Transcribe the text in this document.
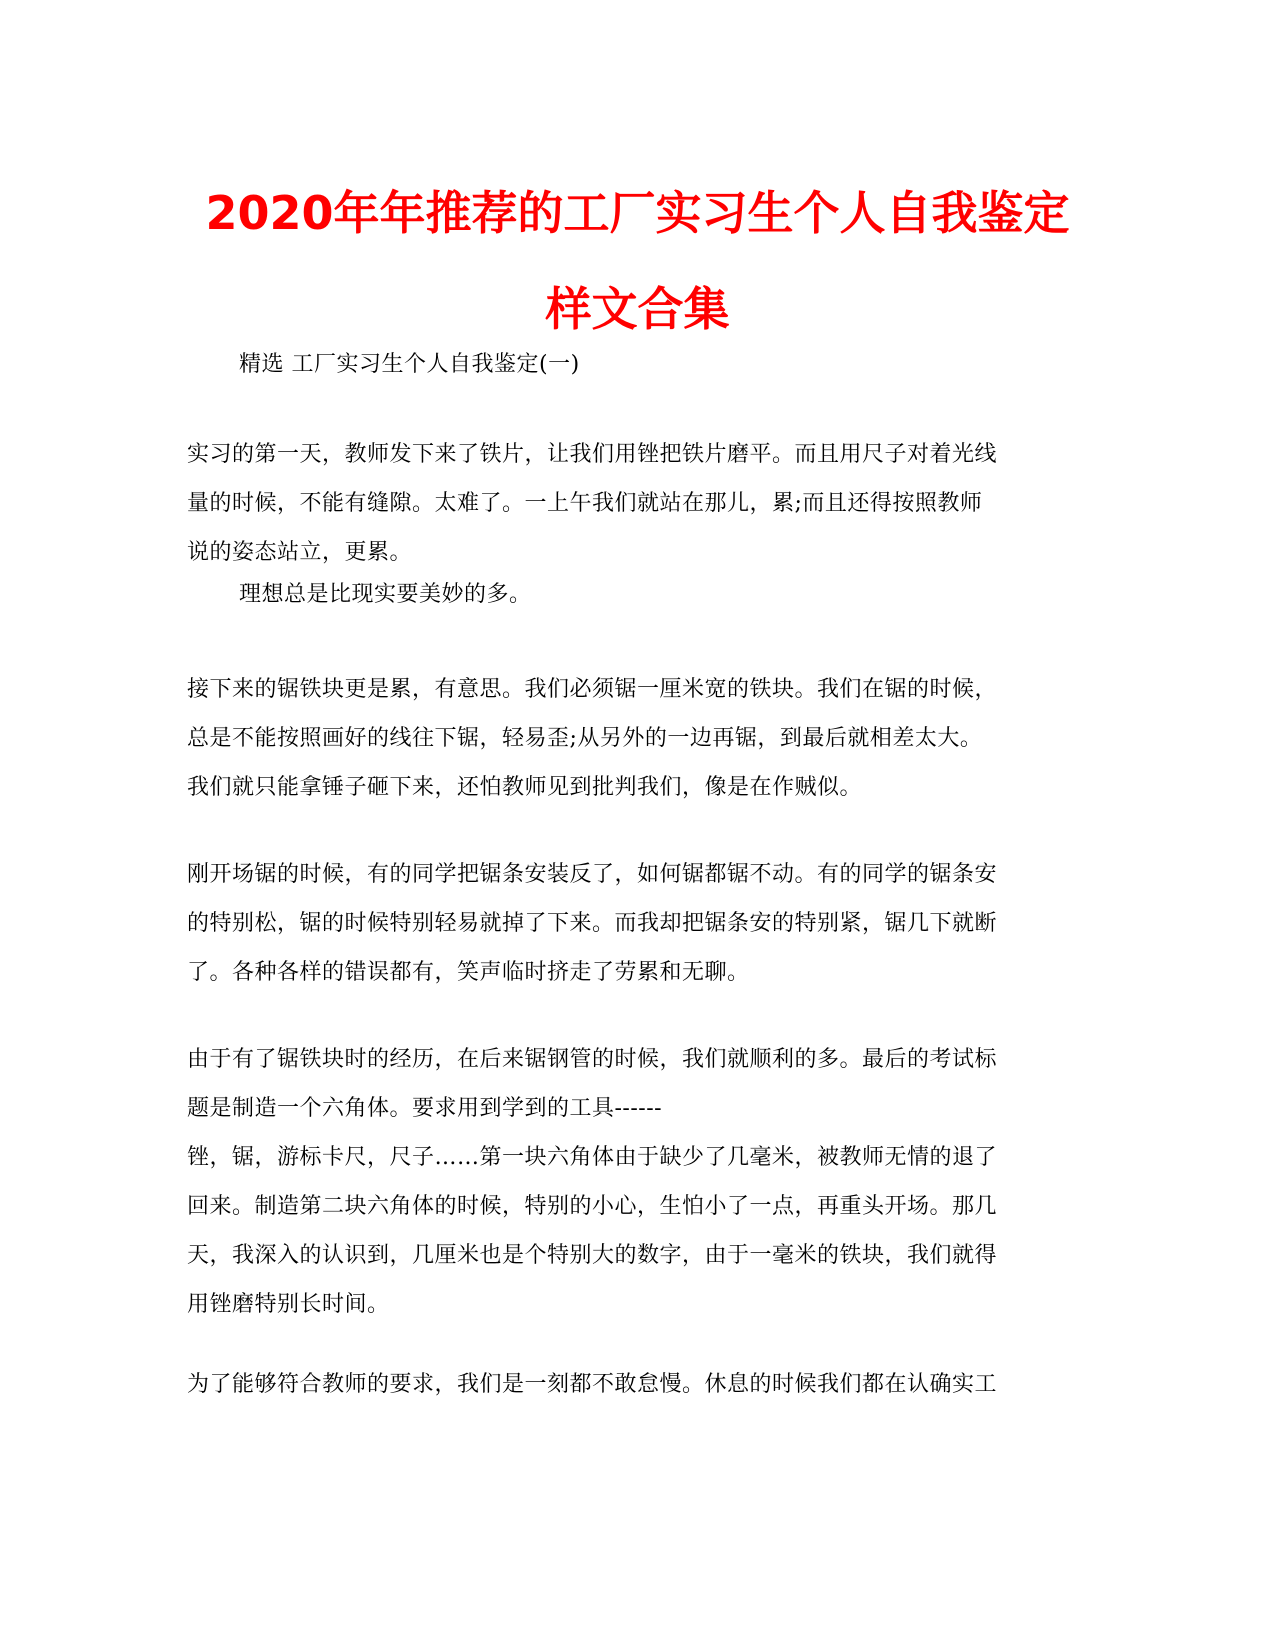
2020年年推荐的工厂实习生个人自我鉴定
样文合集

精选 工厂实习生个人自我鉴定(一)

实习的第一天，教师发下来了铁片，让我们用锉把铁片磨平。而且用尺子对着光线
量的时候，不能有缝隙。太难了。一上午我们就站在那儿，累;而且还得按照教师
说的姿态站立，更累。
理想总是比现实要美妙的多。
接下来的锯铁块更是累，有意思。我们必须锯一厘米宽的铁块。我们在锯的时候，
总是不能按照画好的线往下锯，轻易歪;从另外的一边再锯，到最后就相差太大。
我们就只能拿锤子砸下来，还怕教师见到批判我们，像是在作贼似。
刚开场锯的时候，有的同学把锯条安装反了，如何锯都锯不动。有的同学的锯条安
的特别松，锯的时候特别轻易就掉了下来。而我却把锯条安的特别紧，锯几下就断
了。各种各样的错误都有，笑声临时挤走了劳累和无聊。
由于有了锯铁块时的经历，在后来锯钢管的时候，我们就顺利的多。最后的考试标
题是制造一个六角体。要求用到学到的工具------
锉，锯，游标卡尺，尺子……第一块六角体由于缺少了几毫米，被教师无情的退了
回来。制造第二块六角体的时候，特别的小心，生怕小了一点，再重头开场。那几
天，我深入的认识到，几厘米也是个特别大的数字，由于一毫米的铁块，我们就得
用锉磨特别长时间。
为了能够符合教师的要求，我们是一刻都不敢怠慢。休息的时候我们都在认确实工
